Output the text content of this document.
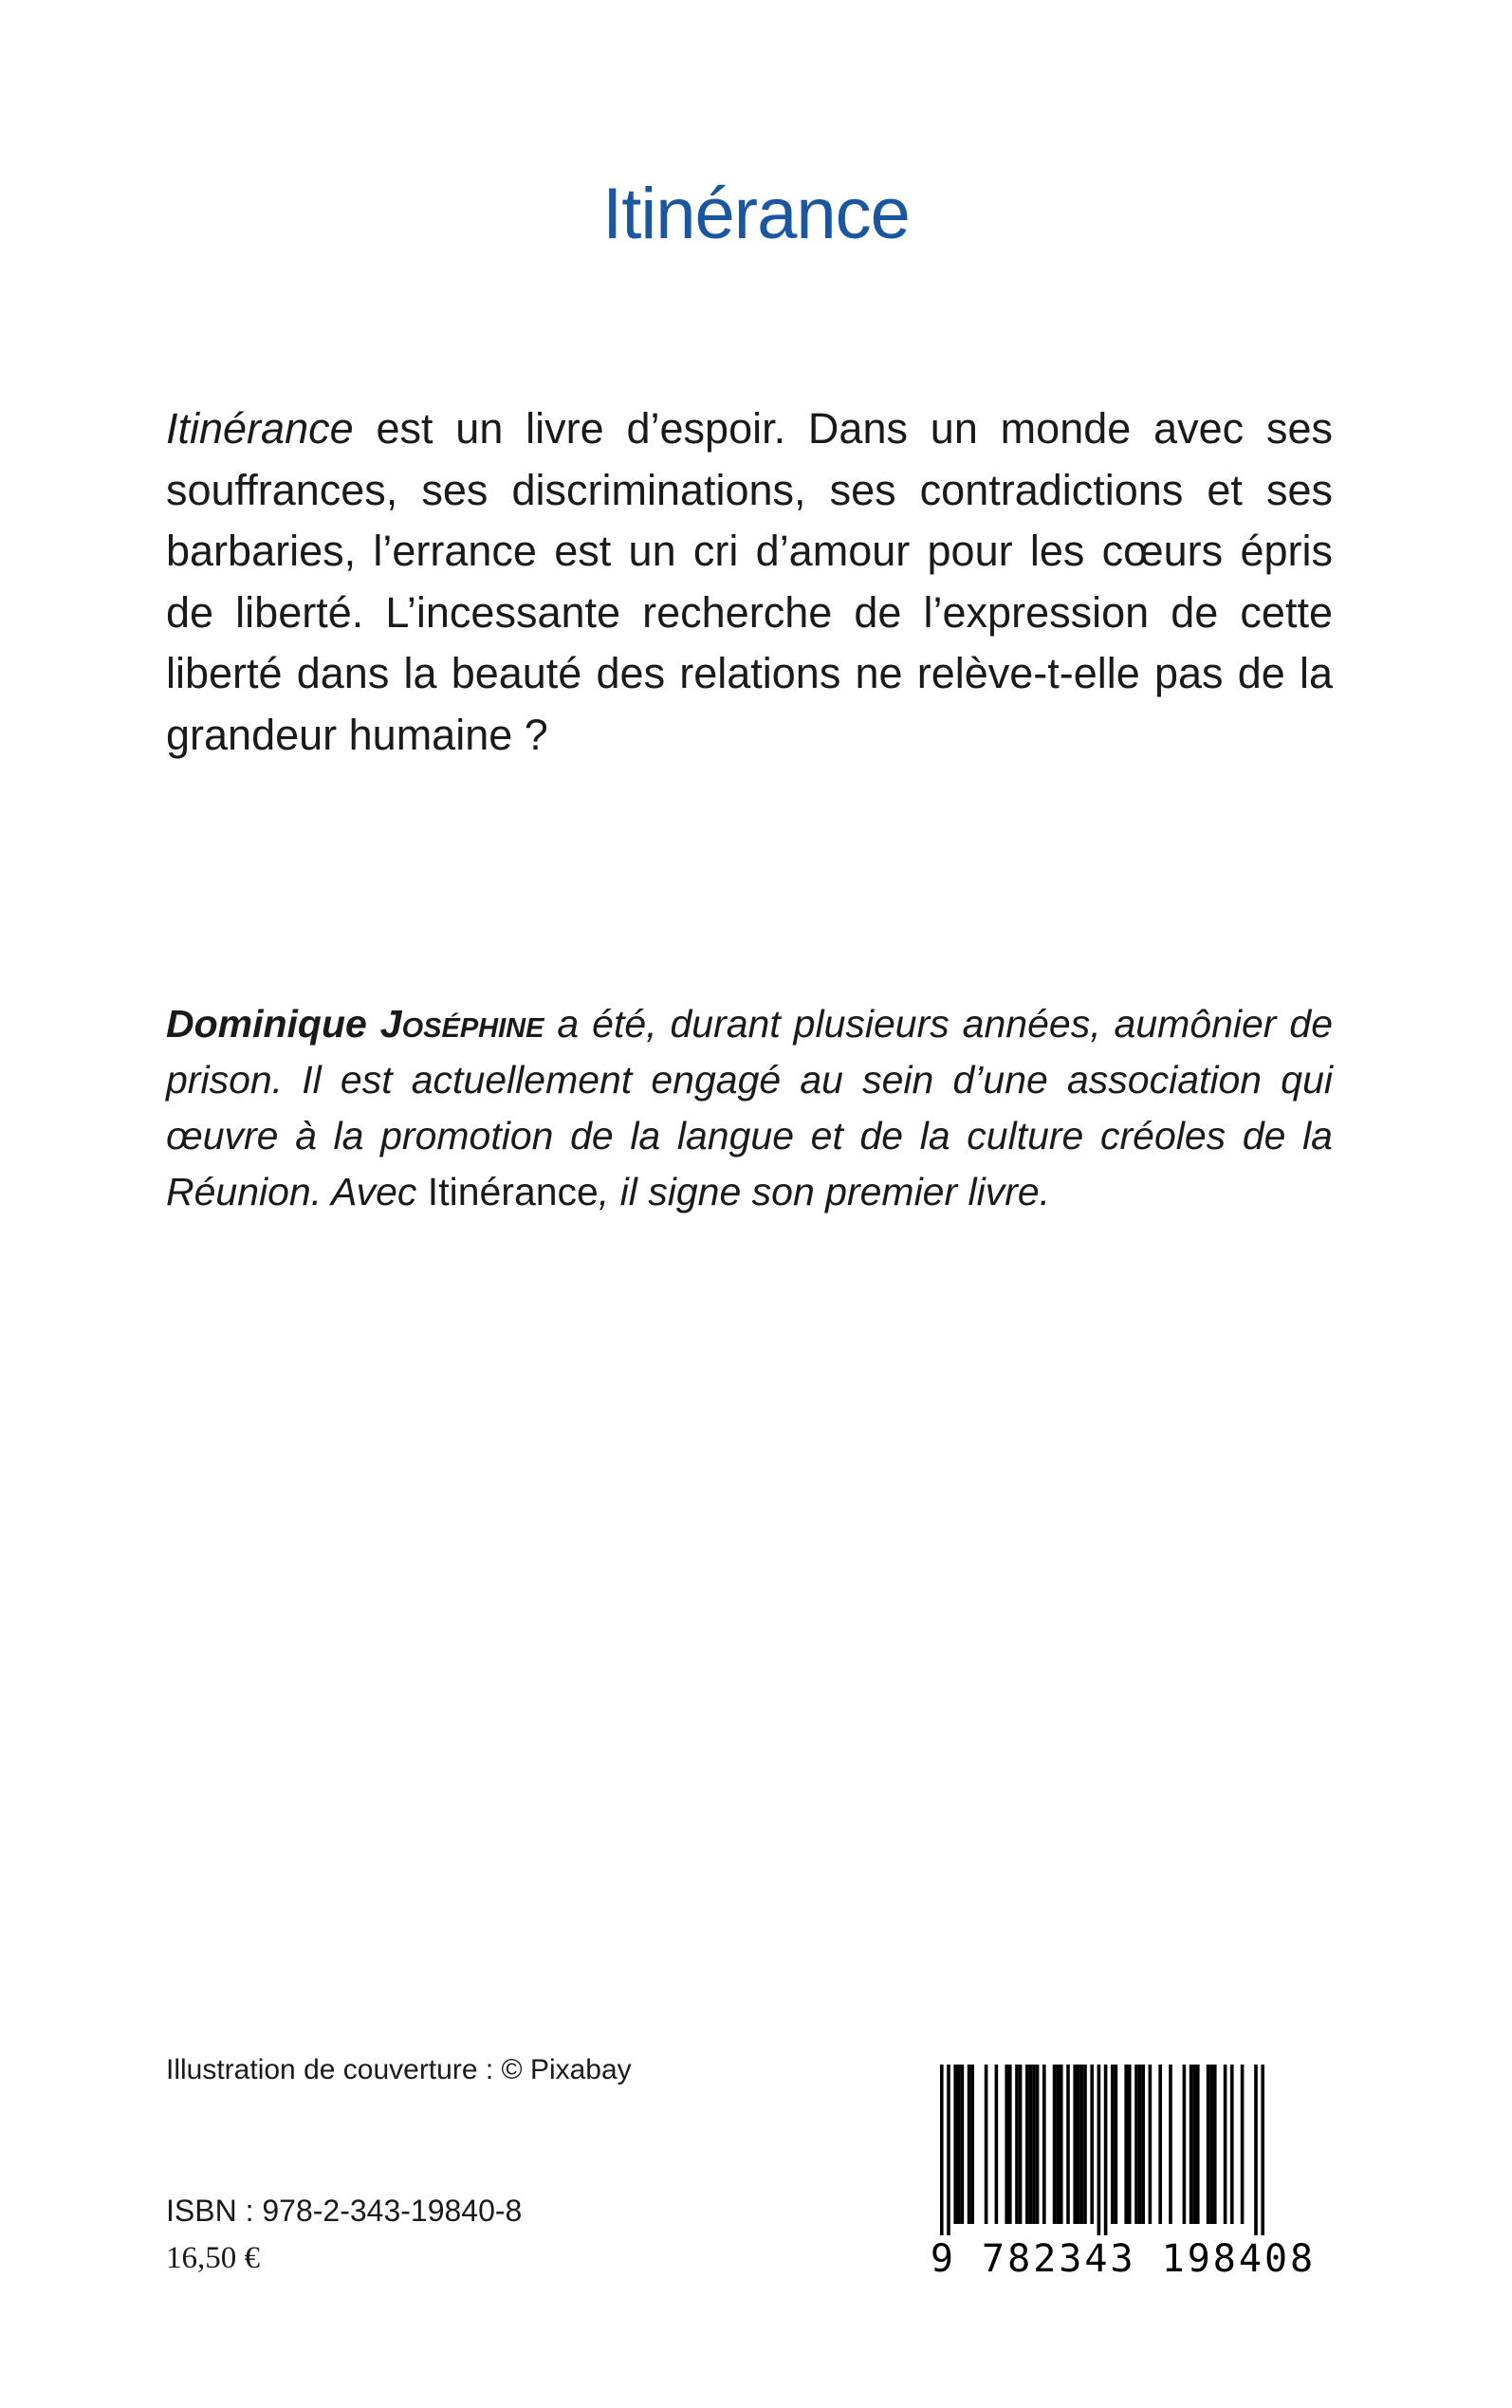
Itinérance

Itinérance est un livre d’espoir. Dans un monde avec ses souffrances, ses discriminations, ses contradictions et ses barbaries, l’errance est un cri d’amour pour les cœurs épris de liberté. L’incessante recherche de l’expression de cette liberté dans la beauté des relations ne relève-t-elle pas de la grandeur humaine ?

Dominique Joséphine a été, durant plusieurs années, aumônier de prison. Il est actuellement engagé au sein d’une association qui œuvre à la promotion de la langue et de la culture créoles de la Réunion. Avec Itinérance, il signe son premier livre.

Illustration de couverture : © Pixabay

ISBN : 978-2-343-19840-8

16,50 €	9 782343 198408
